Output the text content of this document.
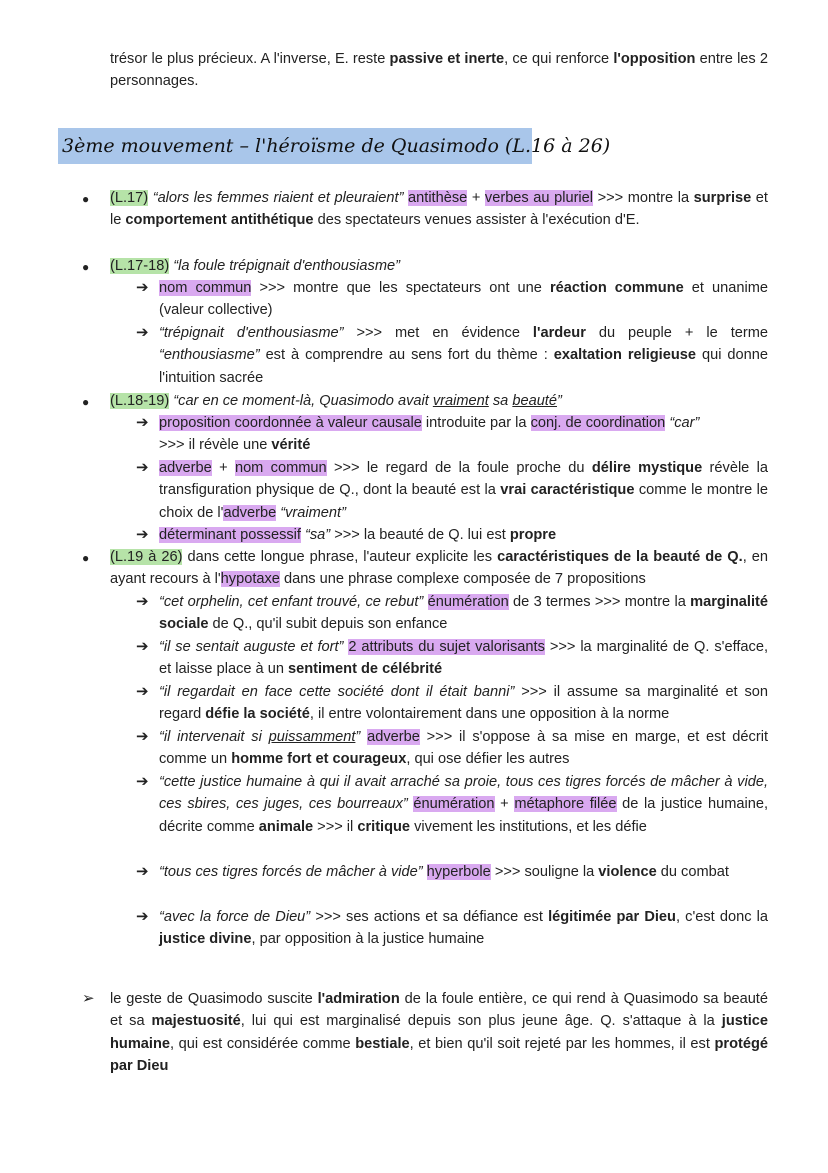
trésor le plus précieux. A l'inverse, E. reste passive et inerte, ce qui renforce l'opposition entre les 2 personnages.
3ème mouvement – l'héroïsme de Quasimodo (L.16 à 26)
● (L.17) “alors les femmes riaient et pleuraient” antithèse + verbes au pluriel >>> montre la surprise et le comportement antithétique des spectateurs venues assister à l'exécution d'E.
● (L.17-18) “la foule trépignait d'enthousiasme”
➔ nom commun >>> montre que les spectateurs ont une réaction commune et unanime (valeur collective)
➔ “trépignait d'enthousiasme” >>> met en évidence l'ardeur du peuple + le terme “enthousiasme” est à comprendre au sens fort du thème : exaltation religieuse qui donne l'intuition sacrée
● (L.18-19) “car en ce moment-là, Quasimodo avait vraiment sa beauté”
➔ proposition coordonnée à valeur causale introduite par la conj. de coordination “car”
>>> il révèle une vérité
➔ adverbe + nom commun >>> le regard de la foule proche du délire mystique révèle la transfiguration physique de Q., dont la beauté est la vrai caractéristique comme le montre le choix de l'adverbe “vraiment”
➔ déterminant possessif “sa” >>> la beauté de Q. lui est propre
● (L.19 à 26) dans cette longue phrase, l'auteur explicite les caractéristiques de la beauté de Q., en ayant recours à l'hypotaxe dans une phrase complexe composée de 7 propositions
➔ “cet orphelin, cet enfant trouvé, ce rebut” énumération de 3 termes >>> montre la marginalité sociale de Q., qu'il subit depuis son enfance
➔ “il se sentait auguste et fort” 2 attributs du sujet valorisants >>> la marginalité de Q. s'efface, et laisse place à un sentiment de célébrité
➔ “il regardait en face cette société dont il était banni” >>> il assume sa marginalité et son regard défie la société, il entre volontairement dans une opposition à la norme
➔ “il intervenait si puissamment” adverbe >>> il s'oppose à sa mise en marge, et est décrit comme un homme fort et courageux, qui ose défier les autres
➔ “cette justice humaine à qui il avait arraché sa proie, tous ces tigres forcés de mâcher à vide, ces sbires, ces juges, ces bourreaux” énumération + métaphore filée de la justice humaine, décrite comme animale >>> il critique vivement les institutions, et les défie
➔ “tous ces tigres forcés de mâcher à vide” hyperbole >>> souligne la violence du combat
➔ “avec la force de Dieu” >>> ses actions et sa défiance est légitimée par Dieu, c'est donc la justice divine, par opposition à la justice humaine
➢ le geste de Quasimodo suscite l'admiration de la foule entière, ce qui rend à Quasimodo sa beauté et sa majestuosité, lui qui est marginalisé depuis son plus jeune âge. Q. s'attaque à la justice humaine, qui est considérée comme bestiale, et bien qu'il soit rejeté par les hommes, il est protégé par Dieu
